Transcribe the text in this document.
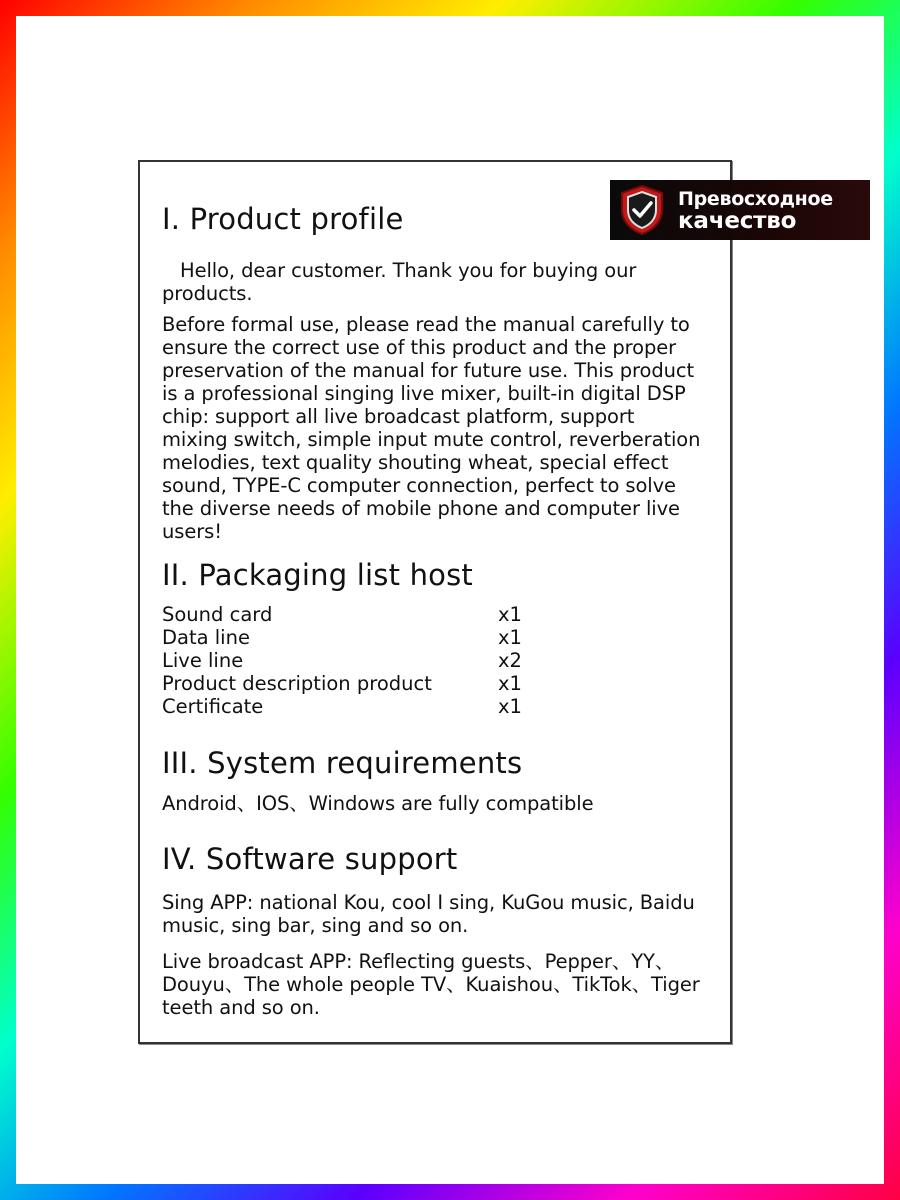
I. Product profile

Hello, dear customer. Thank you for buying our products.

Before formal use, please read the manual carefully to ensure the correct use of this product and the proper preservation of the manual for future use. This product is a professional singing live mixer, built-in digital DSP chip: support all live broadcast platform, support mixing switch, simple input mute control, reverberation melodies, text quality shouting wheat, special effect sound, TYPE-C computer connection, perfect to solve the diverse needs of mobile phone and computer live users!

II. Packaging list host
Sound card	x1
Data line	x1
Live line	x2
Product description product	x1
Certificate	x1
III. System requirements

Android、IOS、Windows are fully compatible

IV. Software support

Sing APP: national Kou, cool I sing, KuGou music, Baidu music, sing bar, sing and so on.

Live broadcast APP: Reflecting guests、Pepper、YY、Douyu、The whole people TV、Kuaishou、TikTok、Tiger teeth and so on.

Превосходное
качество
